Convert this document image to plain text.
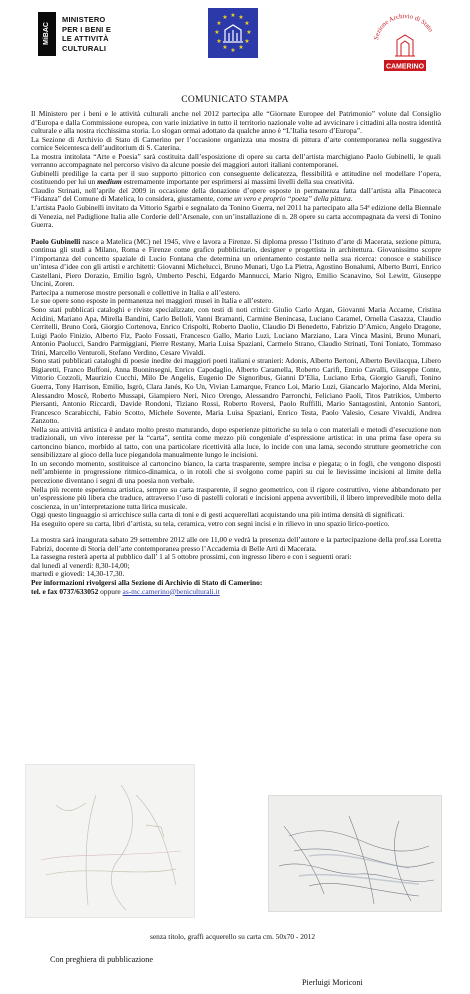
MiBAC
MINISTERO
PER I BENI E
LE ATTIVITÀ
CULTURALI
★ ★
★
★
★
★
★
★
★
★
★
★
Sezione Archivio di Stato
CAMERINO
COMUNICATO STAMPA

Il Ministero per i beni e le attività culturali anche nel 2012 partecipa alle “Giornate Europee del Patrimonio” volute dal Consiglio d’Europa e dalla Commissione europea, con varie iniziative in tutto il territorio nazionale volte ad avvicinare i cittadini alla nostra identità culturale e alla nostra ricchissima storia. Lo slogan ormai adottato da qualche anno è “L’Italia tesoro d’Europa”.

La Sezione di Archivio di Stato di Camerino per l’occasione organizza una mostra di pittura d’arte contemporanea nella suggestiva cornice Seicentesca dell’auditorium di S. Caterina.

La mostra intitolata “Arte e Poesia” sarà costituita dall’esposizione di opere su carta dell’artista marchigiano Paolo Gubinelli, le quali verranno accompagnate nel percorso visivo da alcune poesie dei maggiori autori italiani contemporanei.

Gubinelli predilige la carta per il suo supporto pittorico con conseguente delicatezza, flessibilità e attitudine nel modellare l’opera, costituendo per lui un medium estremamente importante per esprimersi ai massimi livelli della sua creatività.

Claudio Strinati, nell’aprile del 2009 in occasione della donazione d’opere esposte in permanenza fatta dall’artista alla Pinacoteca “Fidanza” del Comune di Matelica, lo considera, giustamente, come un vero e proprio “poeta” della pittura.

L’artista Paolo Gubinelli invitato da Vittorio Sgarbi e segnalato da Tonino Guerra, nel 2011 ha partecipato alla 54ª edizione della Biennale di Venezia, nel Padiglione Italia alle Corderie dell’Arsenale, con un’installazione di n. 28 opere su carta accompagnata da versi di Tonino Guerra.

Paolo Gubinelli nasce a Matelica (MC) nel 1945, vive e lavora a Firenze. Si diploma presso l’Istituto d’arte di Macerata, sezione pittura, continua gli studi a Milano, Roma e Firenze come grafico pubblicitario, designer e progettista in architettura. Giovanissimo scopre l’importanza del concetto spaziale di Lucio Fontana che determina un orientamento costante nella sua ricerca: conosce e stabilisce un’intesa d’idee con gli artisti e architetti: Giovanni Michelucci, Bruno Munari, Ugo La Pietra, Agostino Bonalumi, Alberto Burri, Enrico Castellani, Piero Dorazio, Emilio Isgrò, Umberto Peschi, Edgardo Mannucci, Mario Nigro, Emilio Scanavino, Sol Lewitt, Giuseppe Uncini, Zoren.

Partecipa a numerose mostre personali e collettive in Italia e all’estero.

Le sue opere sono esposte in permanenza nei maggiori musei in Italia e all’estero.

Sono stati pubblicati cataloghi e riviste specializzate, con testi di noti critici: Giulio Carlo Argan, Giovanni Maria Accame, Cristina Acidini, Mariano Apa, Mirella Bandini, Carlo Belloli, Vanni Bramanti, Carmine Benincasa, Luciano Caramel, Ornella Casazza, Claudio Cerritelli, Bruno Corà, Giorgio Cortenova, Enrico Crispolti, Roberto Daolio, Claudio Di Benedetto, Fabrizio D’Amico, Angelo Dragone, Luigi Paolo Finizio, Alberto Fiz, Paolo Fossati, Francesco Gallo, Mario Luzi, Luciano Marziano, Lara Vinca Masini, Bruno Munari, Antonio Paolucci, Sandro Parmiggiani, Pierre Restany, Maria Luisa Spaziani, Carmelo Strano, Claudio Strinati, Toni Toniato, Tommaso Trini, Marcello Venturoli, Stefano Verdino, Cesare Vivaldi.

Sono stati pubblicati cataloghi di poesie inedite dei maggiori poeti italiani e stranieri: Adonis, Alberto Bertoni, Alberto Bevilacqua, Libero Bigiaretti, Franco Buffoni, Anna Buoninsegni, Enrico Capodaglio, Alberto Caramella, Roberto Carifi, Ennio Cavalli, Giuseppe Conte, Vittorio Cozzoli, Maurizio Cucchi, Milo De Angelis, Eugenio De Signoribus, Gianni D’Elia, Luciano Erba, Giorgio Garufi, Tonino Guerra, Tony Harrison, Emilio, Isgrò, Clara Janés, Ko Un, Vivian Lamarque, Franco Loi, Mario Luzi, Giancarlo Majorino, Alda Merini, Alessandro Moscè, Roberto Mussapi, Giampiero Neri, Nico Orengo, Alessandro Parronchi, Feliciano Paoli, Titos Patrikios, Umberto Piersanti, Antonio Riccardi, Davide Rondoni, Tiziano Rossi, Roberto Roversi, Paolo Ruffilli, Mario Santagostini, Antonio Santori, Francesco Scarabicchi, Fabio Scotto, Michele Sovente, Maria Luisa Spaziani, Enrico Testa, Paolo Valesio, Cesare Vivaldi, Andrea Zanzotto.

Nella sua attività artistica è andato molto presto maturando, dopo esperienze pittoriche su tela o con materiali e metodi d’esecuzione non tradizionali, un vivo interesse per la “carta”, sentita come mezzo più congeniale d’espressione artistica: in una prima fase opera su cartoncino bianco, morbido al tatto, con una particolare ricettività alla luce, lo incide con una lama, secondo strutture geometriche con sensibilizzare al gioco della luce piegandola manualmente lungo le incisioni.

In un secondo momento, sostituisce al cartoncino bianco, la carta trasparente, sempre incisa e piegata; o in fogli, che vengono disposti nell’ambiente in progressione ritmico-dinamica, o in rotoli che si svolgono come papiri su cui le lievissime incisioni al limite della percezione diventano i segni di una poesia non verbale.

Nella più recente esperienza artistica, sempre su carta trasparente, il segno geometrico, con il rigore costruttivo, viene abbandonato per un’espressione più libera che traduce, attraverso l’uso di pastelli colorati e incisioni appena avvertibili, il libero imprevedibile moto della coscienza, in un’interpretazione tutta lirica musicale.

Oggi questo linguaggio si arricchisce sulla carta di toni e di gesti acquerellati acquistando una più intima densità di significati.

Ha eseguito opere su carta, libri d’artista, su tela, ceramica, vetro con segni incisi e in rilievo in uno spazio lirico-poetico.

La mostra sarà inaugurata sabato 29 settembre 2012 alle ore 11,00 e vedrà la presenza dell’autore e la partecipazione della prof.ssa Loretta Fabrizi, docente di Storia dell’arte contemporanea presso l’Accademia di Belle Arti di Macerata.

La rassegna resterà aperta al pubblico dall’ 1 al 5 ottobre prossimi, con ingresso libero e con i seguenti orari:

dal lunedì al venerdì: 8,30-14,00;

martedì e giovedì: 14,30-17,30.

Per informazioni rivolgersi alla Sezione di Archivio di Stato di Camerino:

tel. e fax 0737/633052 oppure as-mc.camerino@beniculturali.it

senza titolo, graffi acquerello su carta cm. 50x70 - 2012
Con preghiera di pubblicazione
Pierluigi Moriconi
